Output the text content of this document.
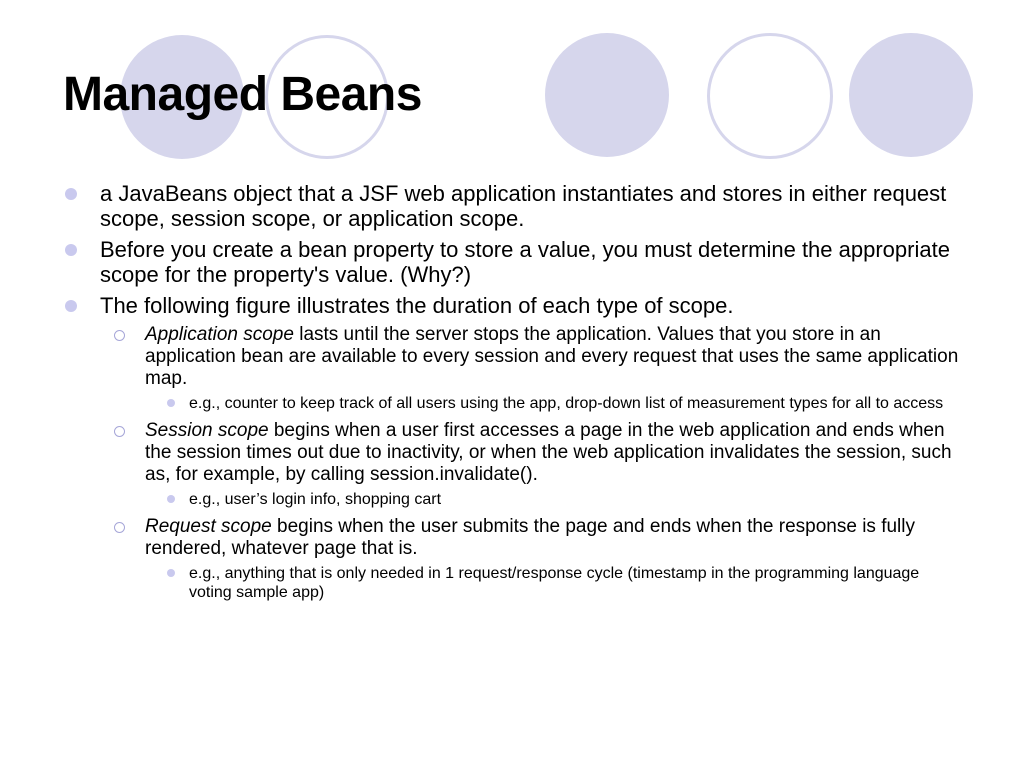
Managed Beans
a JavaBeans object that a JSF web application instantiates and stores in either request scope, session scope, or application scope.
Before you create a bean property to store a value, you must determine the appropriate scope for the property's value. (Why?)
The following figure illustrates the duration of each type of scope.
Application scope lasts until the server stops the application. Values that you store in an application bean are available to every session and every request that uses the same application map.
e.g., counter to keep track of all users using the app, drop-down list of measurement types for all to access
Session scope begins when a user first accesses a page in the web application and ends when the session times out due to inactivity, or when the web application invalidates the session, such as, for example, by calling session.invalidate().
e.g., user’s login info, shopping cart
Request scope begins when the user submits the page and ends when the response is fully rendered, whatever page that is.
e.g., anything that is only needed in 1 request/response cycle (timestamp in the programming language voting sample app)
